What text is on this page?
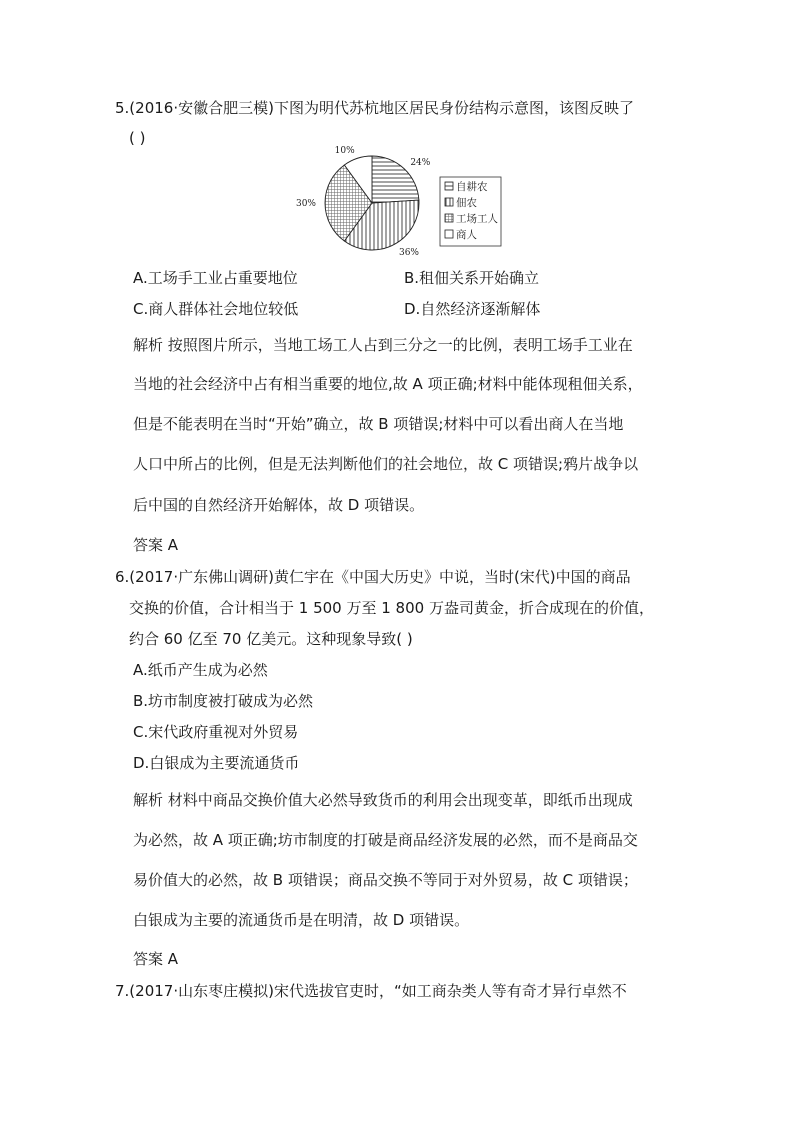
5.(2016·安徽合肥三模)下图为明代苏杭地区居民身份结构示意图，该图反映了
( )
24%
36%
30%
10%
自耕农
佃农
工场工人
商人
A.工场手工业占重要地位	B.租佃关系开始确立
C.商人群体社会地位较低	D.自然经济逐渐解体
解析 按照图片所示，当地工场工人占到三分之一的比例，表明工场手工业在
当地的社会经济中占有相当重要的地位,故 A 项正确;材料中能体现租佃关系，
但是不能表明在当时“开始”确立，故 B 项错误;材料中可以看出商人在当地
人口中所占的比例，但是无法判断他们的社会地位，故 C 项错误;鸦片战争以
后中国的自然经济开始解体，故 D 项错误。
答案 A
6.(2017·广东佛山调研)黄仁宇在《中国大历史》中说，当时(宋代)中国的商品
交换的价值，合计相当于 1 500 万至 1 800 万盎司黄金，折合成现在的价值，
约合 60 亿至 70 亿美元。这种现象导致( )
A.纸币产生成为必然
B.坊市制度被打破成为必然
C.宋代政府重视对外贸易
D.白银成为主要流通货币
解析 材料中商品交换价值大必然导致货币的利用会出现变革，即纸币出现成
为必然，故 A 项正确;坊市制度的打破是商品经济发展的必然，而不是商品交
易价值大的必然，故 B 项错误；商品交换不等同于对外贸易，故 C 项错误；
白银成为主要的流通货币是在明清，故 D 项错误。
答案 A
7.(2017·山东枣庄模拟)宋代选拔官吏时，“如工商杂类人等有奇才异行卓然不
